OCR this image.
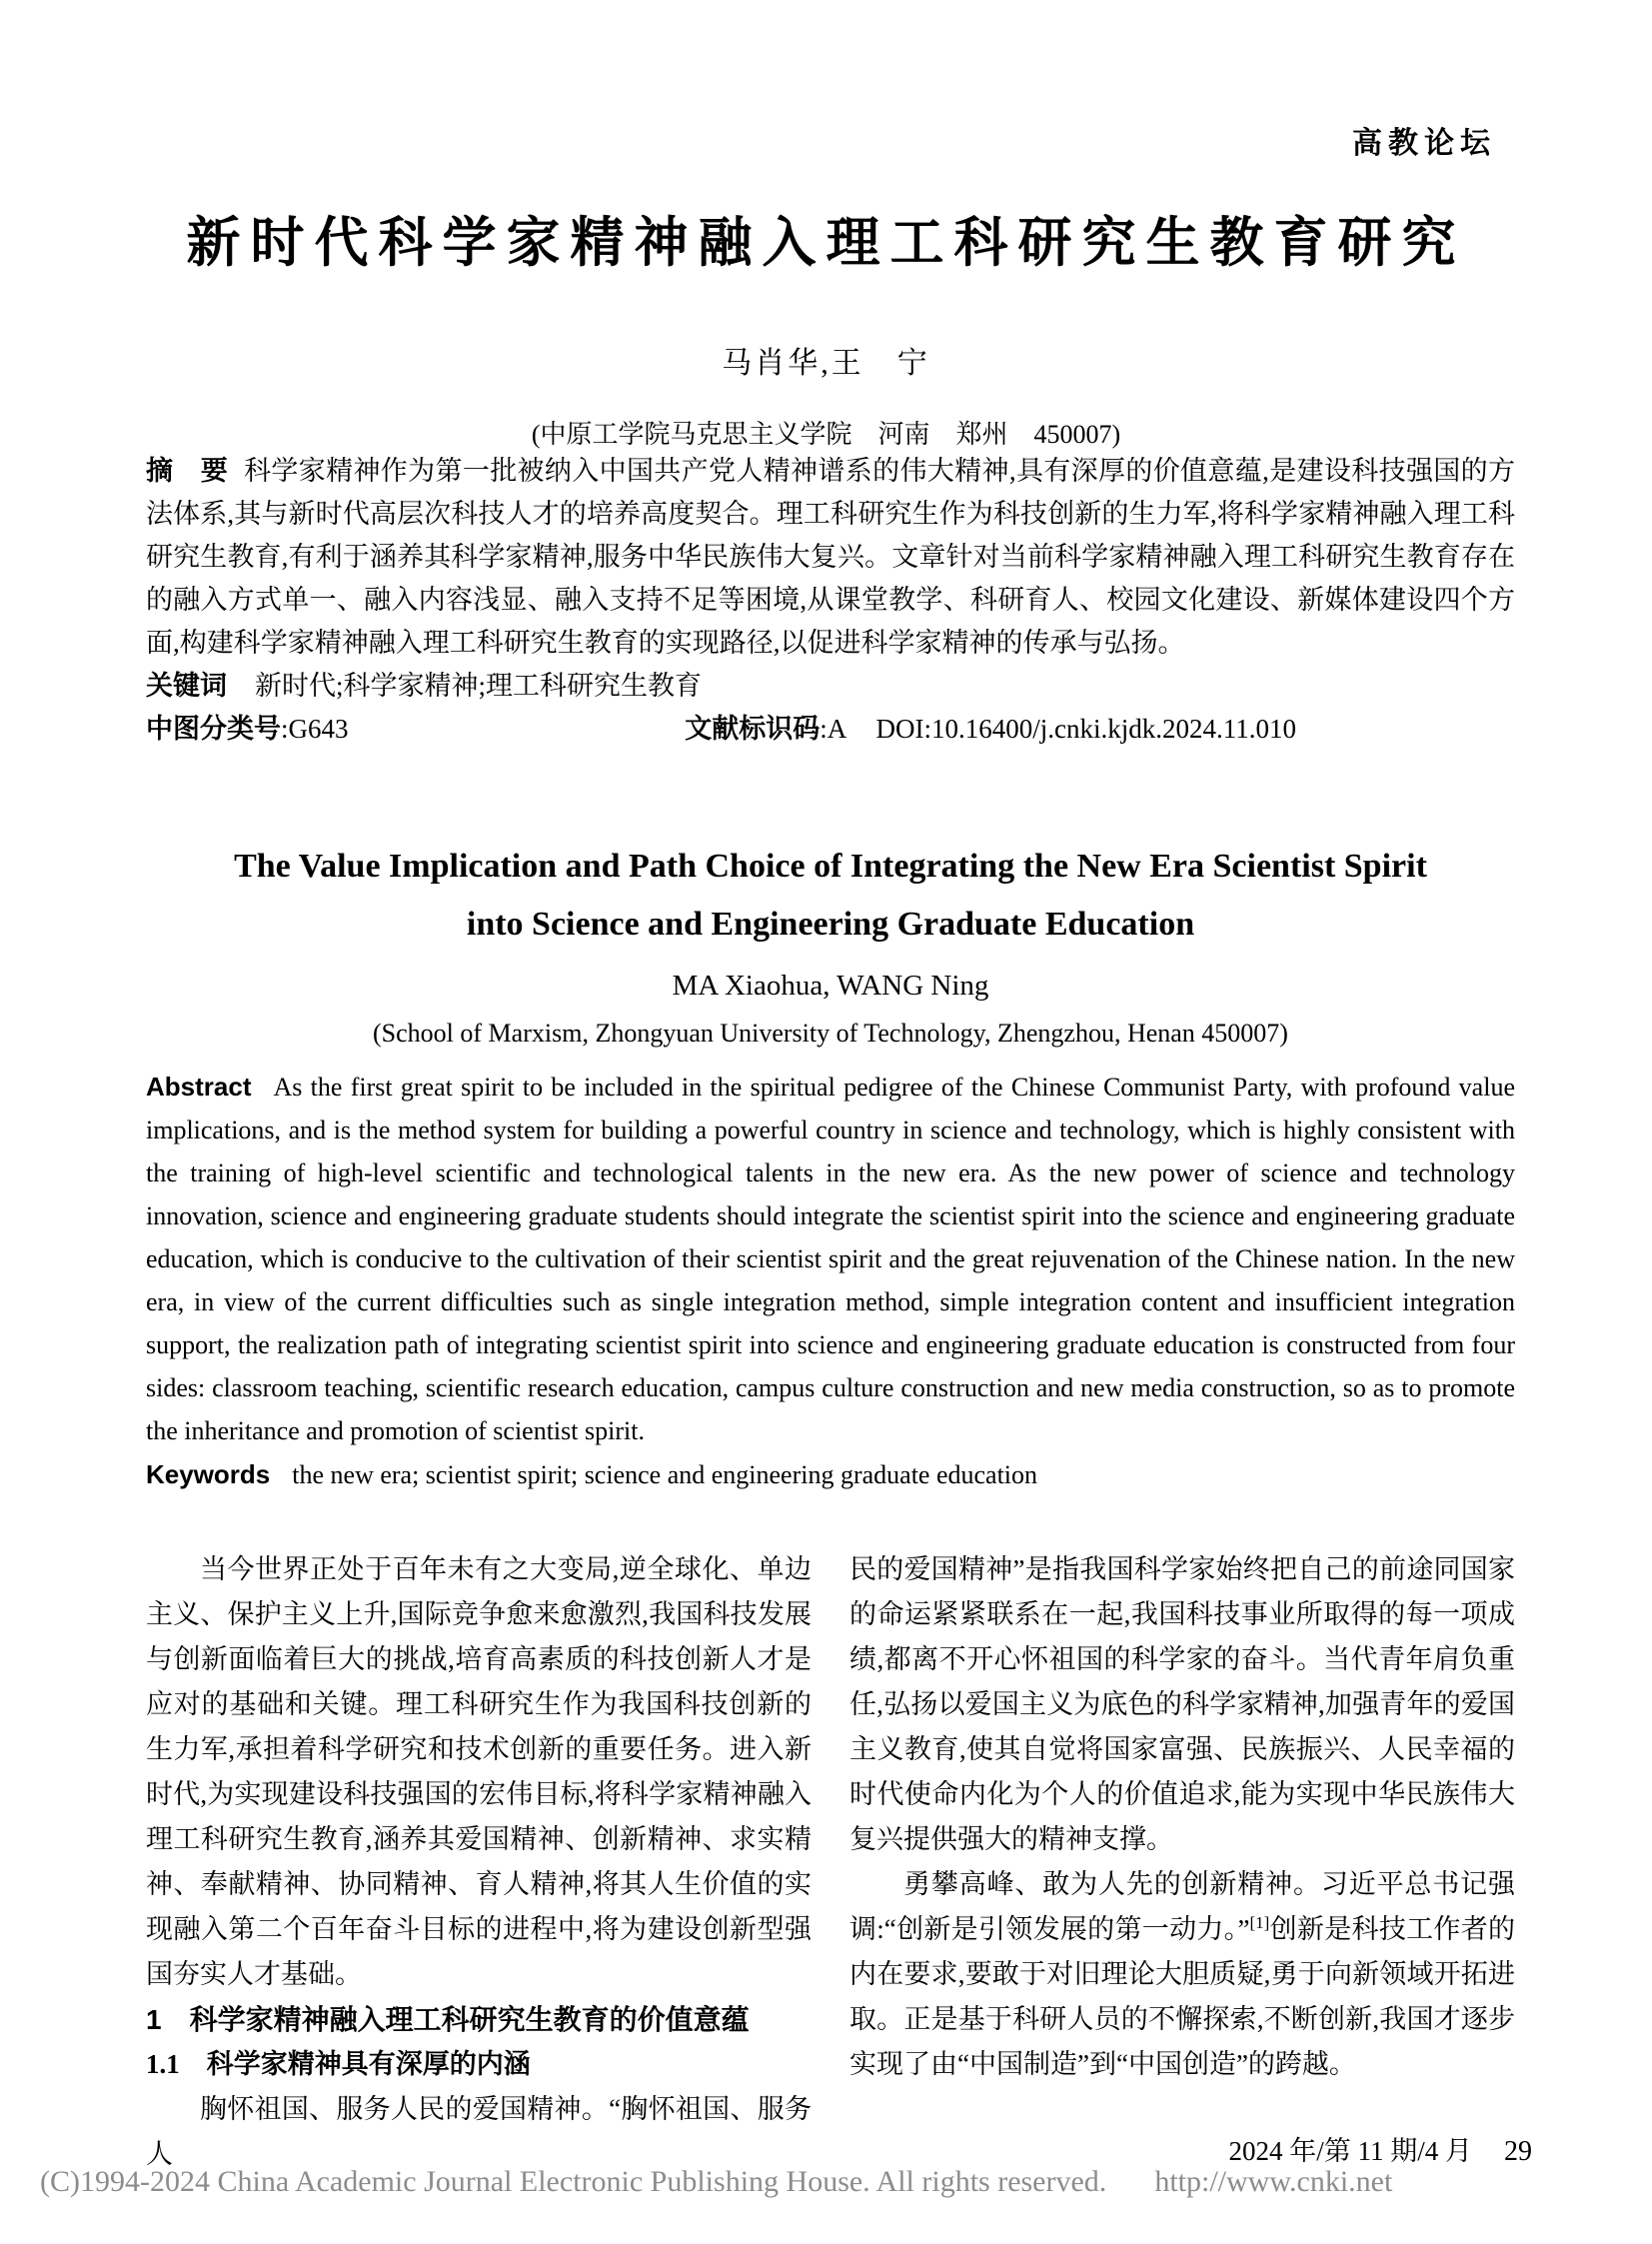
高教论坛
新时代科学家精神融入理工科研究生教育研究
马肖华,王　宁
(中原工学院马克思主义学院　河南　郑州　450007)

摘　要 科学家精神作为第一批被纳入中国共产党人精神谱系的伟大精神,具有深厚的价值意蕴,是建设科技强国的方法体系,其与新时代高层次科技人才的培养高度契合。理工科研究生作为科技创新的生力军,将科学家精神融入理工科研究生教育,有利于涵养其科学家精神,服务中华民族伟大复兴。文章针对当前科学家精神融入理工科研究生教育存在的融入方式单一、融入内容浅显、融入支持不足等困境,从课堂教学、科研育人、校园文化建设、新媒体建设四个方面,构建科学家精神融入理工科研究生教育的实现路径,以促进科学家精神的传承与弘扬。

关键词 新时代;科学家精神;理工科研究生教育
中图分类号:G643	文献标识码:A DOI:10.16400/j.cnki.kjdk.2024.11.010

The Value Implication and Path Choice of Integrating the New Era Scientist Spirit
into Science and Engineering Graduate Education

MA Xiaohua, WANG Ning
(School of Marxism, Zhongyuan University of Technology, Zhengzhou, Henan 450007)

Abstract As the first great spirit to be included in the spiritual pedigree of the Chinese Communist Party, with profound value implications, and is the method system for building a powerful country in science and technology, which is highly consistent with the training of high-level scientific and technological talents in the new era. As the new power of science and technology innovation, science and engineering graduate students should integrate the scientist spirit into the science and engineering graduate education, which is conducive to the cultivation of their scientist spirit and the great rejuvenation of the Chinese nation. In the new era, in view of the current difficulties such as single integration method, simple integration content and insufficient integration support, the realization path of integrating scientist spirit into science and engineering graduate education is constructed from four sides: classroom teaching, scientific research education, campus culture construction and new media construction, so as to promote the inheritance and promotion of scientist spirit.

Keywords the new era; scientist spirit; science and engineering graduate education

当今世界正处于百年未有之大变局,逆全球化、单边主义、保护主义上升,国际竞争愈来愈激烈,我国科技发展与创新面临着巨大的挑战,培育高素质的科技创新人才是应对的基础和关键。理工科研究生作为我国科技创新的生力军,承担着科学研究和技术创新的重要任务。进入新时代,为实现建设科技强国的宏伟目标,将科学家精神融入理工科研究生教育,涵养其爱国精神、创新精神、求实精神、奉献精神、协同精神、育人精神,将其人生价值的实现融入第二个百年奋斗目标的进程中,将为建设创新型强国夯实人才基础。

1　科学家精神融入理工科研究生教育的价值意蕴
1.1　科学家精神具有深厚的内涵

胸怀祖国、服务人民的爱国精神。“胸怀祖国、服务人

民的爱国精神”是指我国科学家始终把自己的前途同国家的命运紧紧联系在一起,我国科技事业所取得的每一项成绩,都离不开心怀祖国的科学家的奋斗。当代青年肩负重任,弘扬以爱国主义为底色的科学家精神,加强青年的爱国主义教育,使其自觉将国家富强、民族振兴、人民幸福的时代使命内化为个人的价值追求,能为实现中华民族伟大复兴提供强大的精神支撑。

勇攀高峰、敢为人先的创新精神。习近平总书记强调:“创新是引领发展的第一动力。”[1]创新是科技工作者的内在要求,要敢于对旧理论大胆质疑,勇于向新领域开拓进取。正是基于科研人员的不懈探索,不断创新,我国才逐步实现了由“中国制造”到“中国创造”的跨越。

2024 年/第 11 期/4 月 29
(C)1994-2024 China Academic Journal Electronic Publishing House. All rights reserved. http://www.cnki.net
